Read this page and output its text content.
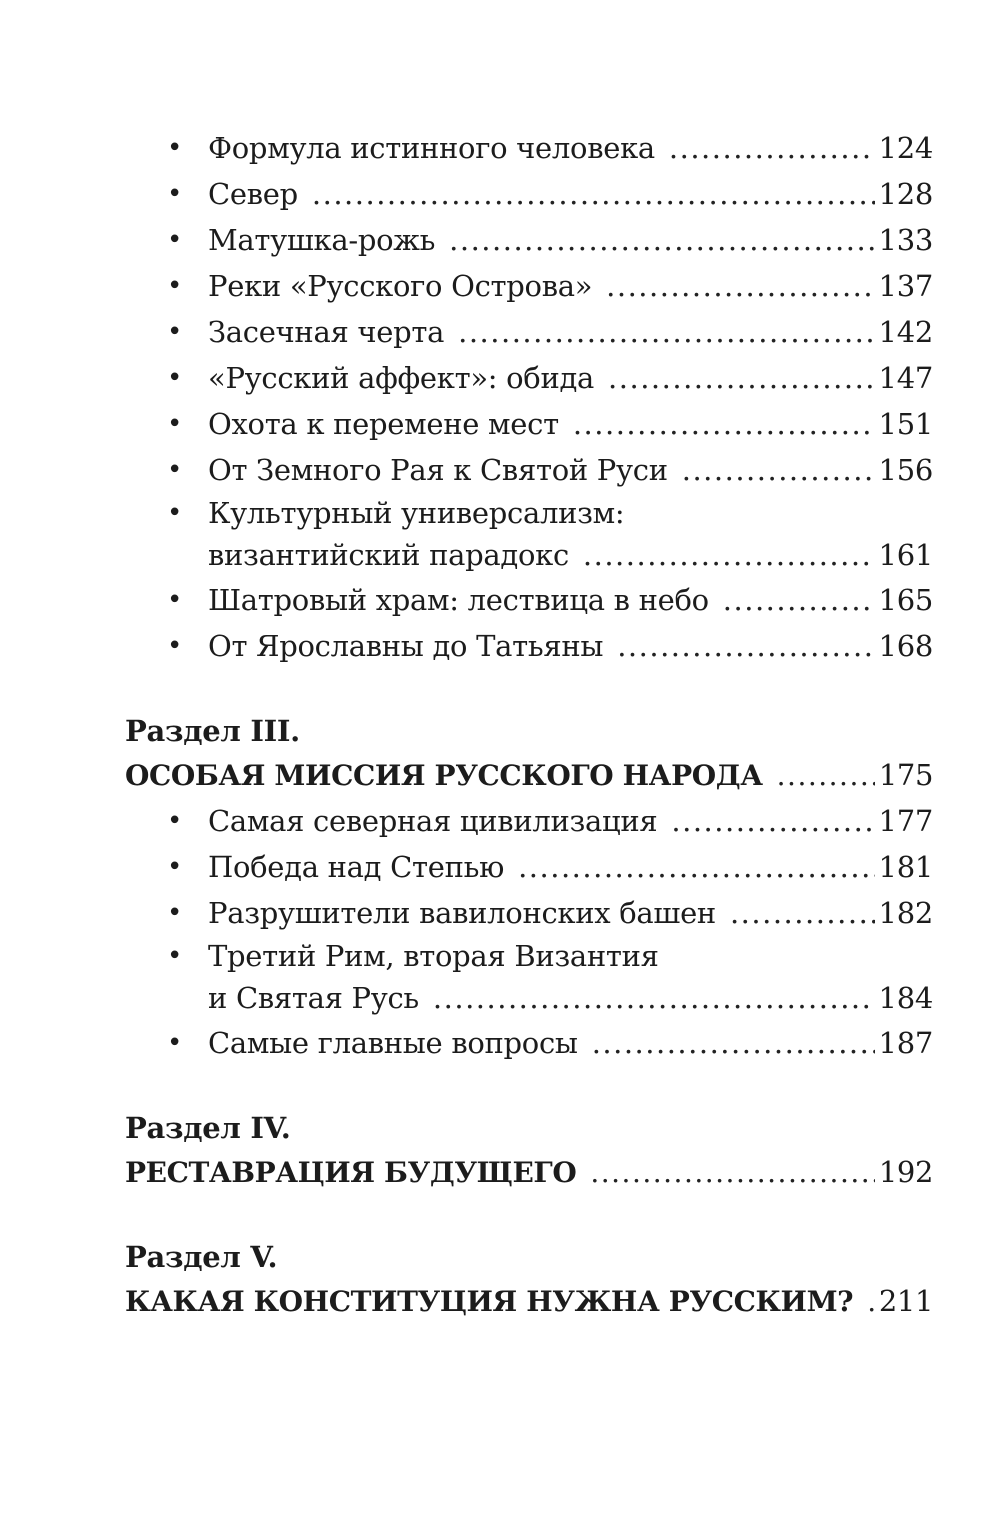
• Формула истинного человека .....	124
• Север .....	128
• Матушка-рожь .....	133
• Реки «Русского Острова» .....	137
• Засечная черта .....	142
• «Русский аффект»: обида .....	147
• Охота к перемене мест .....	151
• От Земного Рая к Святой Руси .....	156
• Культурный универсализм:
византийский парадокс .....	161
• Шатровый храм: лествица в небо .....	165
• От Ярославны до Татьяны .....	168
Раздел III.
ОСОБАЯ МИССИЯ РУССКОГО НАРОДА .....	175
• Самая северная цивилизация .....	177
• Победа над Степью .....	181
• Разрушители вавилонских башен .....	182
• Третий Рим, вторая Византия
и Святая Русь .....	184
• Самые главные вопросы .....	187
Раздел IV.
РЕСТАВРАЦИЯ БУДУЩЕГО .....	192
Раздел V.
КАКАЯ КОНСТИТУЦИЯ НУЖНА РУССКИМ? ..... 211
